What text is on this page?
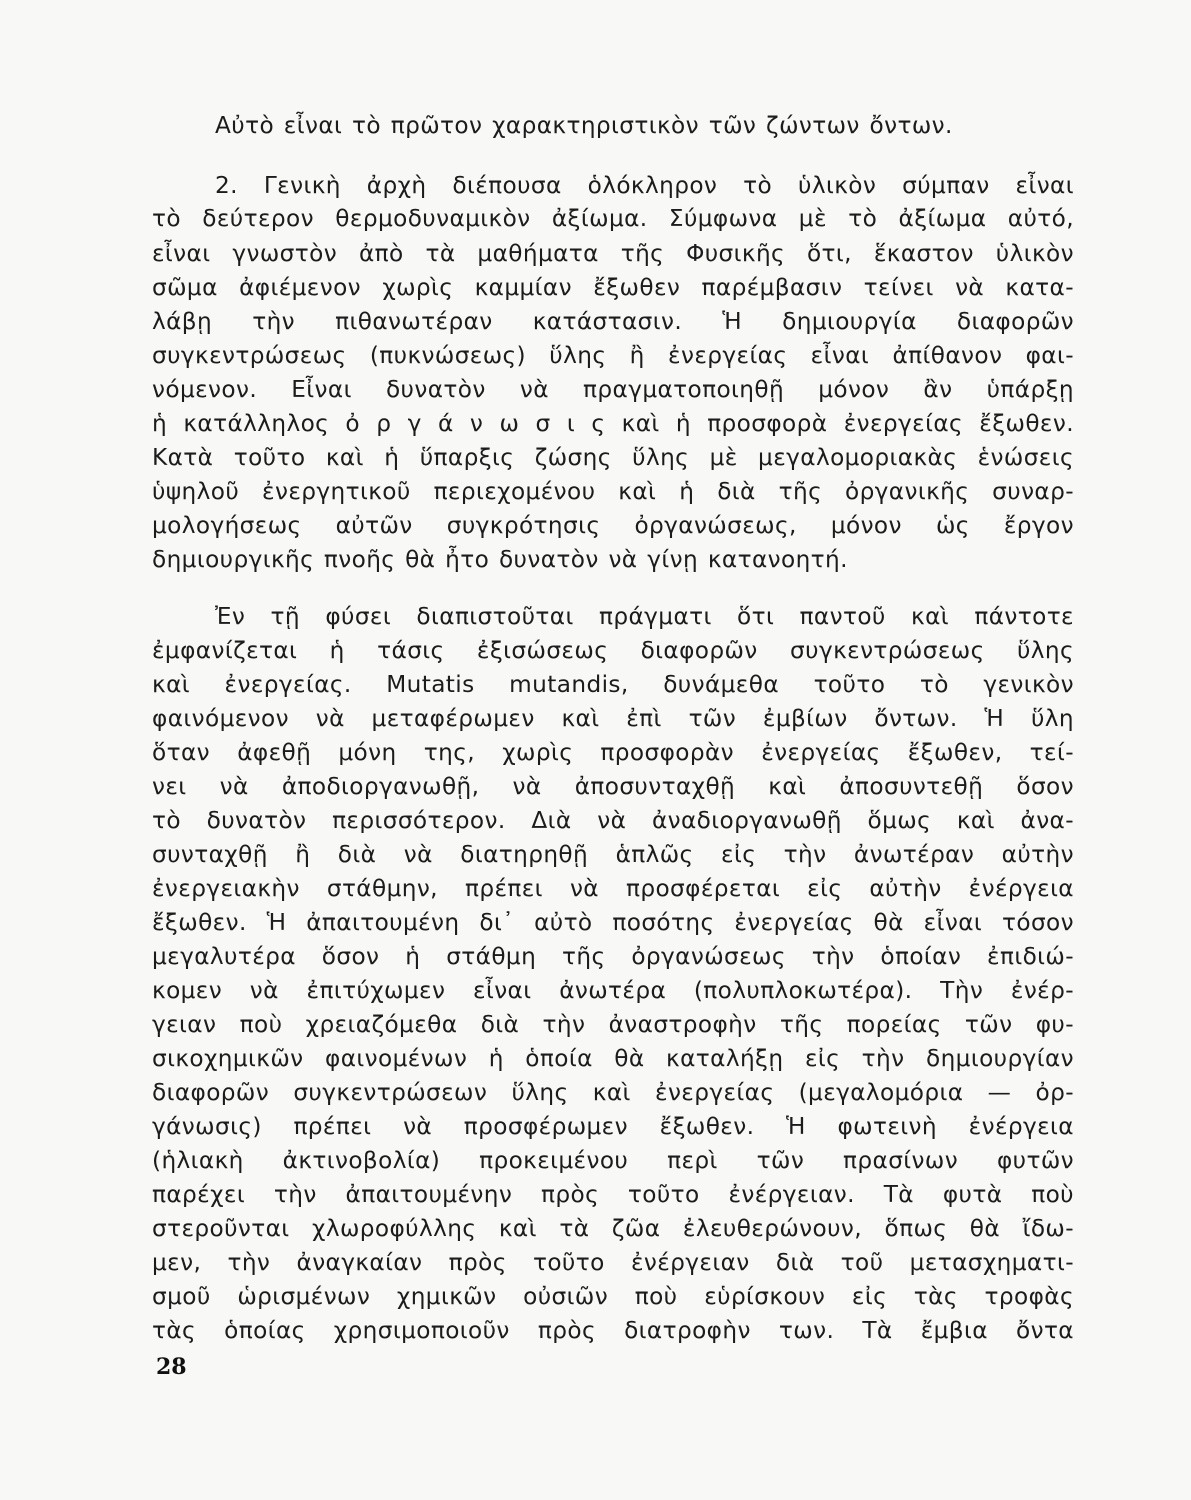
Αὐτὸ εἶναι τὸ πρῶτον χαρακτηριστικὸν τῶν ζώντων ὄντων.
2. Γενικὴ ἀρχὴ διέπουσα ὁλόκληρον τὸ ὑλικὸν σύμπαν εἶναι
τὸ δεύτερον θερμοδυναμικὸν ἀξίωμα. Σύμφωνα μὲ τὸ ἀξίωμα αὐτό,
εἶναι γνωστὸν ἀπὸ τὰ μαθήματα τῆς Φυσικῆς ὅτι, ἕκαστον ὑλικὸν
σῶμα ἀφιέμενον χωρὶς καμμίαν ἔξωθεν παρέμβασιν τείνει νὰ κατα-
λάβῃ τὴν πιθανωτέραν κατάστασιν. Ἡ δημιουργία διαφορῶν
συγκεντρώσεως (πυκνώσεως) ὕλης ἢ ἐνεργείας εἶναι ἀπίθανον φαι-
νόμενον. Εἶναι δυνατὸν νὰ πραγματοποιηθῇ μόνον ἂν ὑπάρξῃ
ἡ κατάλληλος ὀ ρ γ ά ν ω σ ι ς καὶ ἡ προσφορὰ ἐνεργείας ἔξωθεν.
Κατὰ τοῦτο καὶ ἡ ὕπαρξις ζώσης ὕλης μὲ μεγαλομοριακὰς ἑνώσεις
ὑψηλοῦ ἐνεργητικοῦ περιεχομένου καὶ ἡ διὰ τῆς ὀργανικῆς συναρ-
μολογήσεως αὐτῶν συγκρότησις ὀργανώσεως, μόνον ὡς ἔργον
δημιουργικῆς πνοῆς θὰ ἦτο δυνατὸν νὰ γίνῃ κατανοητή.
Ἐν τῇ φύσει διαπιστοῦται πράγματι ὅτι παντοῦ καὶ πάντοτε
ἐμφανίζεται ἡ τάσις ἐξισώσεως διαφορῶν συγκεντρώσεως ὕλης
καὶ ἐνεργείας. Mutatis mutandis, δυνάμεθα τοῦτο τὸ γενικὸν
φαινόμενον νὰ μεταφέρωμεν καὶ ἐπὶ τῶν ἐμβίων ὄντων. Ἡ ὕλη
ὅταν ἀφεθῇ μόνη της, χωρὶς προσφορὰν ἐνεργείας ἔξωθεν, τεί-
νει νὰ ἀποδιοργανωθῇ, νὰ ἀποσυνταχθῇ καὶ ἀποσυντεθῇ ὅσον
τὸ δυνατὸν περισσότερον. Διὰ νὰ ἀναδιοργανωθῇ ὅμως καὶ ἀνα-
συνταχθῇ ἢ διὰ νὰ διατηρηθῇ ἁπλῶς εἰς τὴν ἀνωτέραν αὐτὴν
ἐνεργειακὴν στάθμην, πρέπει νὰ προσφέρεται εἰς αὐτὴν ἐνέργεια
ἔξωθεν. Ἡ ἀπαιτουμένη δι᾽ αὐτὸ ποσότης ἐνεργείας θὰ εἶναι τόσον
μεγαλυτέρα ὅσον ἡ στάθμη τῆς ὀργανώσεως τὴν ὁποίαν ἐπιδιώ-
κομεν νὰ ἐπιτύχωμεν εἶναι ἀνωτέρα (πολυπλοκωτέρα). Τὴν ἐνέρ-
γειαν ποὺ χρειαζόμεθα διὰ τὴν ἀναστροφὴν τῆς πορείας τῶν φυ-
σικοχημικῶν φαινομένων ἡ ὁποία θὰ καταλήξῃ εἰς τὴν δημιουργίαν
διαφορῶν συγκεντρώσεων ὕλης καὶ ἐνεργείας (μεγαλομόρια — ὀρ-
γάνωσις) πρέπει νὰ προσφέρωμεν ἔξωθεν. Ἡ φωτεινὴ ἐνέργεια
(ἡλιακὴ ἀκτινοβολία) προκειμένου περὶ τῶν πρασίνων φυτῶν
παρέχει τὴν ἀπαιτουμένην πρὸς τοῦτο ἐνέργειαν. Τὰ φυτὰ ποὺ
στεροῦνται χλωροφύλλης καὶ τὰ ζῶα ἐλευθερώνουν, ὅπως θὰ ἴδω-
μεν, τὴν ἀναγκαίαν πρὸς τοῦτο ἐνέργειαν διὰ τοῦ μετασχηματι-
σμοῦ ὡρισμένων χημικῶν οὐσιῶν ποὺ εὑρίσκουν εἰς τὰς τροφὰς
τὰς ὁποίας χρησιμοποιοῦν πρὸς διατροφὴν των. Τὰ ἔμβια ὄντα
28
